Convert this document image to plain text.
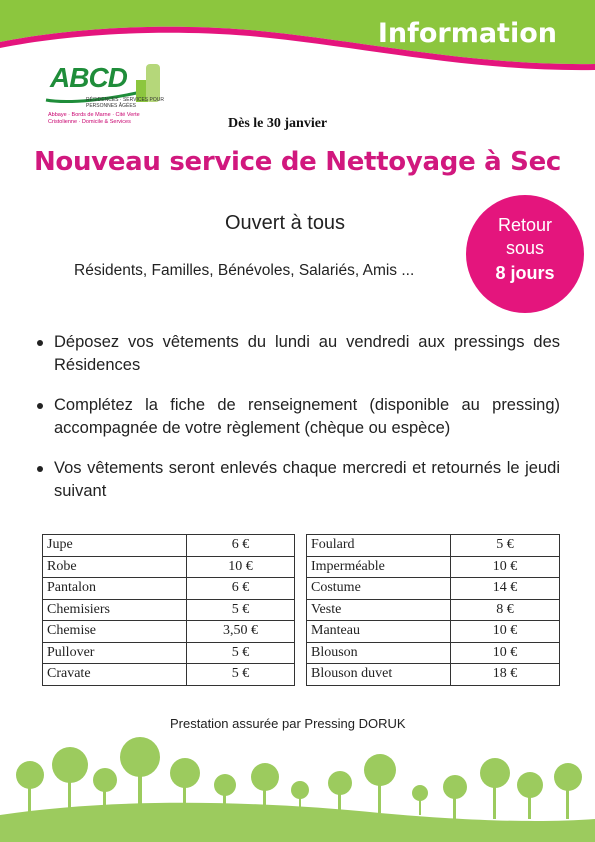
Information
ABCD
RÉSIDENCES · SERVICES POUR PERSONNES ÂGÉES
Abbaye · Bords de Marne · Cité Verte Cristolienne · Domicile & Services	Dès le 30 janvier
Nouveau service de Nettoyage à Sec
Ouvert à tous
Résidents, Familles, Bénévoles, Salariés, Amis ...
Retour
sous
8 jours
Déposez vos vêtements du lundi au vendredi aux pressings des Résidences
Complétez la fiche de renseignement (disponible au pressing) accompagnée de votre règlement (chèque ou espèce)
Vos vêtements seront enlevés chaque mercredi et retournés le jeudi suivant
Jupe	6 €
Robe	10 €
Pantalon	6 €
Chemisiers	5 €
Chemise	3,50 €
Pullover	5 €
Cravate	5 €
Foulard	5 €
Imperméable	10 €
Costume	14 €
Veste	8 €
Manteau	10 €
Blouson	10 €
Blouson duvet	18 €
Prestation assurée par Pressing DORUK
